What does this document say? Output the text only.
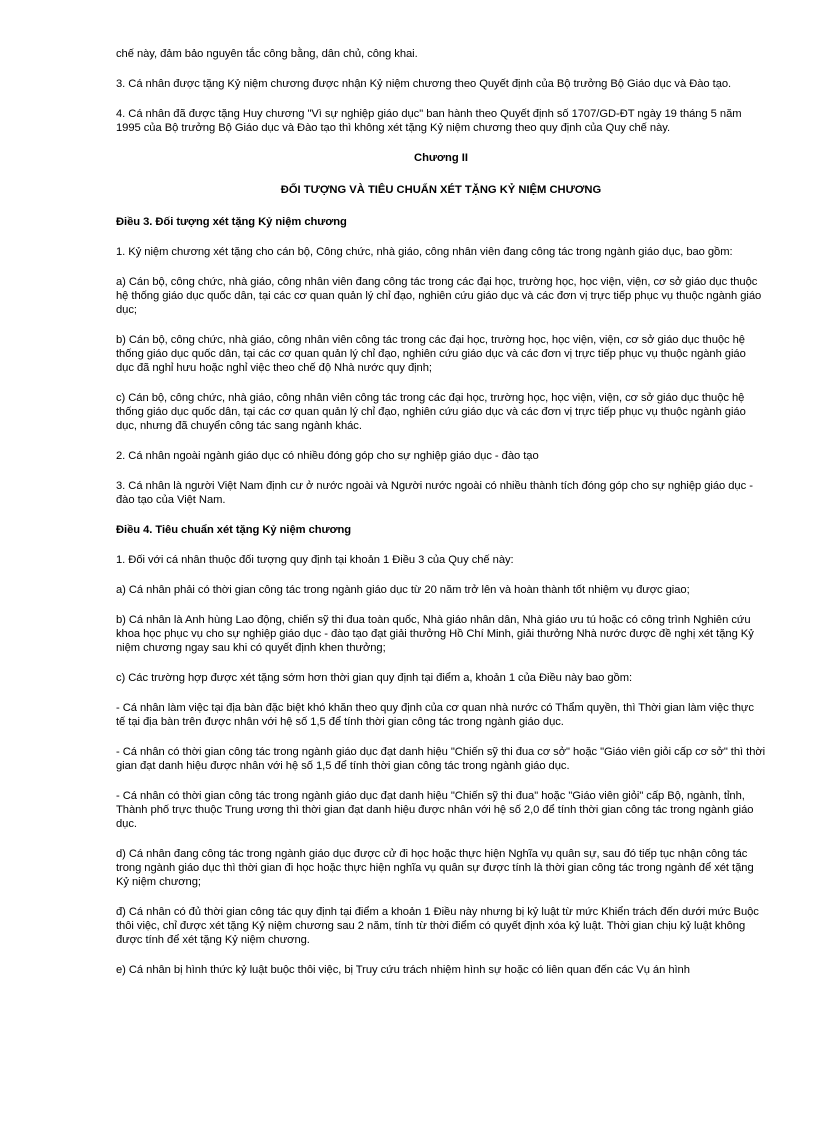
chế này, đảm bảo nguyên tắc công bằng, dân chủ, công khai.

3. Cá nhân được tặng Kỷ niệm chương được nhận Kỷ niệm chương theo Quyết định của Bộ trưởng Bộ Giáo dục và Đào tạo.

4. Cá nhân đã được tặng Huy chương "Vì sự nghiệp giáo dục" ban hành theo Quyết định số 1707/GD-ĐT ngày 19 tháng 5 năm 1995 của Bộ trưởng Bộ Giáo dục và Đào tạo thì không xét tặng Kỷ niệm chương theo quy định của Quy chế này.

Chương II

ĐỐI TƯỢNG VÀ TIÊU CHUẨN XÉT TẶNG KỶ NIỆM CHƯƠNG

Điều 3. Đối tượng xét tặng Kỷ niệm chương

1. Kỷ niệm chương xét tặng cho cán bộ, Công chức, nhà giáo, công nhân viên đang công tác trong ngành giáo dục, bao gồm:

a) Cán bộ, công chức, nhà giáo, công nhân viên đang công tác trong các đại học, trường học, học viện, viện, cơ sở giáo dục thuộc hệ thống giáo dục quốc dân, tại các cơ quan quản lý chỉ đạo, nghiên cứu giáo dục và các đơn vị trực tiếp phục vụ thuộc ngành giáo dục;

b) Cán bộ, công chức, nhà giáo, công nhân viên công tác trong các đại học, trường học, học viện, viện, cơ sở giáo dục thuộc hệ thống giáo dục quốc dân, tại các cơ quan quản lý chỉ đạo, nghiên cứu giáo dục và các đơn vị trực tiếp phục vụ thuộc ngành giáo dục đã nghỉ hưu hoặc nghỉ việc theo chế độ Nhà nước quy định;

c) Cán bộ, công chức, nhà giáo, công nhân viên công tác trong các đại học, trường học, học viện, viện, cơ sở giáo dục thuộc hệ thống giáo dục quốc dân, tại các cơ quan quản lý chỉ đạo, nghiên cứu giáo dục và các đơn vị trực tiếp phục vụ thuộc ngành giáo dục, nhưng đã chuyển công tác sang ngành khác.

2. Cá nhân ngoài ngành giáo dục có nhiều đóng góp cho sự nghiệp giáo dục - đào tạo

3. Cá nhân là người Việt Nam định cư ở nước ngoài và Người nước ngoài có nhiều thành tích đóng góp cho sự nghiệp giáo dục - đào tạo của Việt Nam.

Điều 4. Tiêu chuẩn xét tặng Kỷ niệm chương

1. Đối với cá nhân thuộc đối tượng quy định tại khoản 1 Điều 3 của Quy chế này:

a) Cá nhân phải có thời gian công tác trong ngành giáo dục từ 20 năm trở lên và hoàn thành tốt nhiệm vụ được giao;

b) Cá nhân là Anh hùng Lao động, chiến sỹ thi đua toàn quốc, Nhà giáo nhân dân, Nhà giáo ưu tú hoặc có công trình Nghiên cứu khoa học phục vụ cho sự nghiệp giáo dục - đào tạo đạt giải thưởng Hồ Chí Minh, giải thưởng Nhà nước được đề nghị xét tặng Kỷ niệm chương ngay sau khi có quyết định khen thưởng;

c) Các trường hợp được xét tặng sớm hơn thời gian quy định tại điểm a, khoản 1 của Điều này bao gồm:

- Cá nhân làm việc tại địa bàn đặc biệt khó khăn theo quy định của cơ quan nhà nước có Thẩm quyền, thì Thời gian làm việc thực tế tại địa bàn trên được nhân với hệ số 1,5 để tính thời gian công tác trong ngành giáo dục.

- Cá nhân có thời gian công tác trong ngành giáo dục đạt danh hiệu "Chiến sỹ thi đua cơ sở" hoặc "Giáo viên giỏi cấp cơ sở" thì thời gian đạt danh hiệu được nhân với hệ số 1,5 để tính thời gian công tác trong ngành giáo dục.

- Cá nhân có thời gian công tác trong ngành giáo dục đạt danh hiệu "Chiến sỹ thi đua" hoặc "Giáo viên giỏi" cấp Bộ, ngành, tỉnh, Thành phố trực thuộc Trung ương thì thời gian đạt danh hiệu được nhân với hệ số 2,0 để tính thời gian công tác trong ngành giáo dục.

d) Cá nhân đang công tác trong ngành giáo dục được cử đi học hoặc thực hiện Nghĩa vụ quân sự, sau đó tiếp tục nhận công tác trong ngành giáo dục thì thời gian đi học hoặc thực hiện nghĩa vụ quân sự được tính là thời gian công tác trong ngành để xét tặng Kỷ niệm chương;

đ) Cá nhân có đủ thời gian công tác quy định tại điểm a khoản 1 Điều này nhưng bị kỷ luật từ mức Khiển trách đến dưới mức Buộc thôi việc, chỉ được xét tặng Kỷ niệm chương sau 2 năm, tính từ thời điểm có quyết định xóa kỷ luật. Thời gian chịu kỷ luật không được tính để xét tặng Kỷ niệm chương.

e) Cá nhân bị hình thức kỷ luật buộc thôi việc, bị Truy cứu trách nhiệm hình sự hoặc có liên quan đến các Vụ án hình
